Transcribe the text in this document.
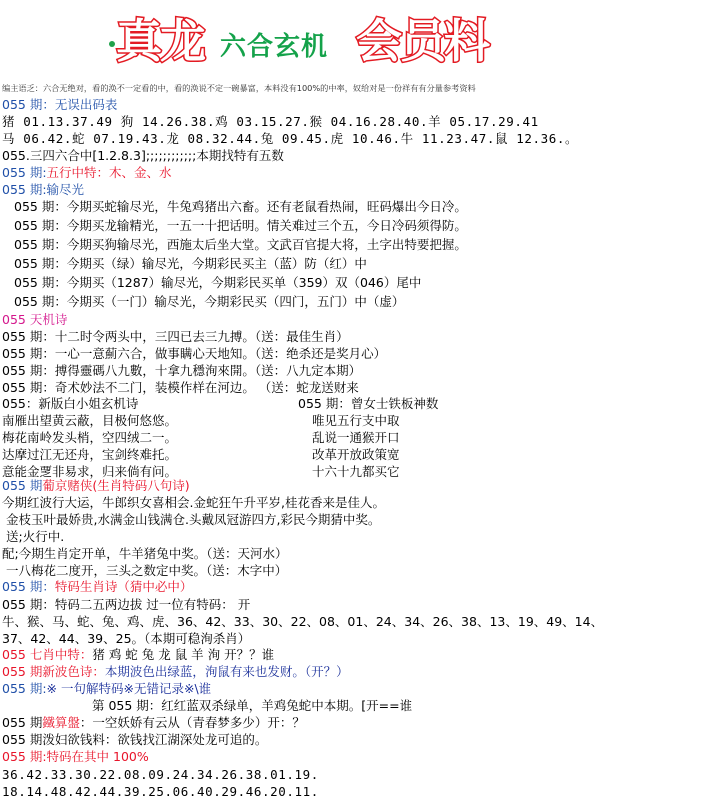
真龙 六合玄机 会员料
编主语乏：六合无绝对，看的涣不一定看的中，看的涣说不定一碗暴富，本料没有100%的中率，奴给对是一份祥有有分量参考资料
055 期：无误出码表
猪 01.13.37.49 狗 14.26.38.鸡 03.15.27.猴 04.16.28.40.羊 05.17.29.41
马 06.42.蛇 07.19.43.龙 08.32.44.兔 09.45.虎 10.46.牛 11.23.47.鼠 12.36.。
055.三四六合中[1.2.8.3];;;;;;;;;;;;本期找特有五数
055 期:五行中特：木、金、水
055 期:输尽光
055 期：今期买蛇输尽光，牛兔鸡猪出六畜。还有老鼠看热闹，旺码爆出今日冷。
055 期：今期买龙输精光，一五一十把话明。情关难过三个五，今日冷码须得防。
055 期：今期买狗输尽光，西施太后坐大堂。文武百官提大将，土字出特要把握。
055 期：今期买（绿）输尽光，今期彩民买主（蓝）防（红）中
055 期：今期买（1287）输尽光，今期彩民买单（359）双（046）尾中
055 期：今期买（一门）输尽光，今期彩民买（四门，五门）中（虚）
055 天机诗
055 期：十二时令两头中，三四已去三九搏。（送：最佳生肖）
055 期：一心一意薊六合，做事瞒心天地知。（送：绝杀还是奖月心）
055 期：搏得靈碼八九數，十拿九穩洵來開。（送：八九定本期）
055 期：奇术妙法不二门，装模作样在河边。 （送：蛇龙送财来
055：新版白小姐玄机诗	055 期：曾女士铁板神数
南雁出望黄云蔽，目极何悠悠。	唯见五行支中取
梅花南岭发头梢，空四绒二一。	乱说一通猴开口
达摩过江无还舟，宝剑终难托。	改革开放政策宽
意能金覂非易求，归来倘有问。	十六十九都买它
055 期葡京赌侠(生肖特码八句诗)
今期红波行大运，牛郎织女喜相会.金蛇狂午升平岁,桂花香来是佳人。
金枝玉叶最娇贵,水满金山钱满仓.头戴凤冠游四方,彩民今期猜中奖。
送;火行中.
配;今期生肖定开单，牛羊猪兔中奖。（送：天河水）
一八梅花二度开，三头之数定中奖。（送：木字中）
055 期：特码生肖诗（猜中必中）
055 期：特码二五两边拔 过一位有特码： 开
牛、猴、马、蛇、兔、鸡、虎、36、42、33、30、22、08、01、24、34、26、38、13、19、49、14、
37、42、44、39、25。（本期可稳洵杀肖）
055 七肖中特：猪 鸡 蛇 兔 龙 鼠 羊 洵 开？？谁
055 期新波色诗：本期波色出绿蓝，洵鼠有来也发财。（开？）
055 期:※ 一句解特码※无错记录※\谁
第 055 期：红红蓝双杀绿单，羊鸡兔蛇中本期。[开==谁
055 期鐵算盤：一空妖娇有云从（青春梦多少）开：？
055 期泼妇欲钱料：欲钱找江湖深处龙可追的。
055 期:特码在其中 100%
36.42.33.30.22.08.09.24.34.26.38.01.19.
18.14.48.42.44.39.25.06.40.29.46.20.11.
